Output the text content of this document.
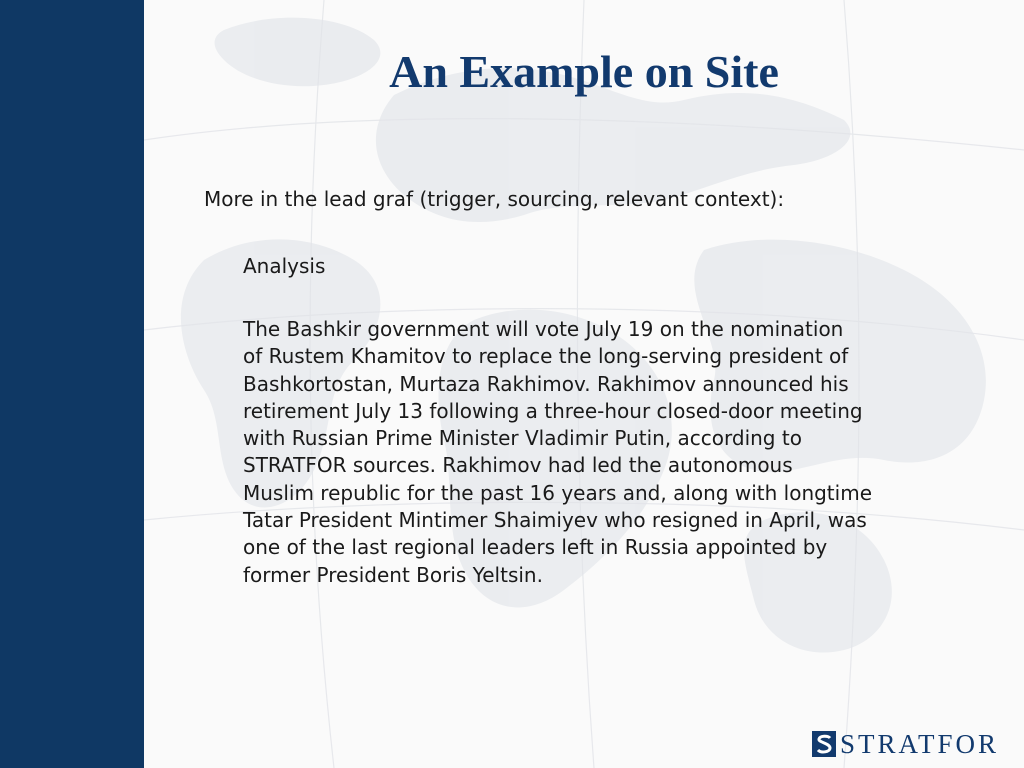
An Example on Site
More in the lead graf (trigger, sourcing, relevant context):
Analysis
The Bashkir government will vote July 19 on the nomination
of Rustem Khamitov to replace the long-serving president of
Bashkortostan, Murtaza Rakhimov. Rakhimov announced his
retirement July 13 following a three-hour closed-door meeting
with Russian Prime Minister Vladimir Putin, according to
STRATFOR sources. Rakhimov had led the autonomous
Muslim republic for the past 16 years and, along with longtime
Tatar President Mintimer Shaimiyev who resigned in April, was
one of the last regional leaders left in Russia appointed by
former President Boris Yeltsin.
STRATFOR
